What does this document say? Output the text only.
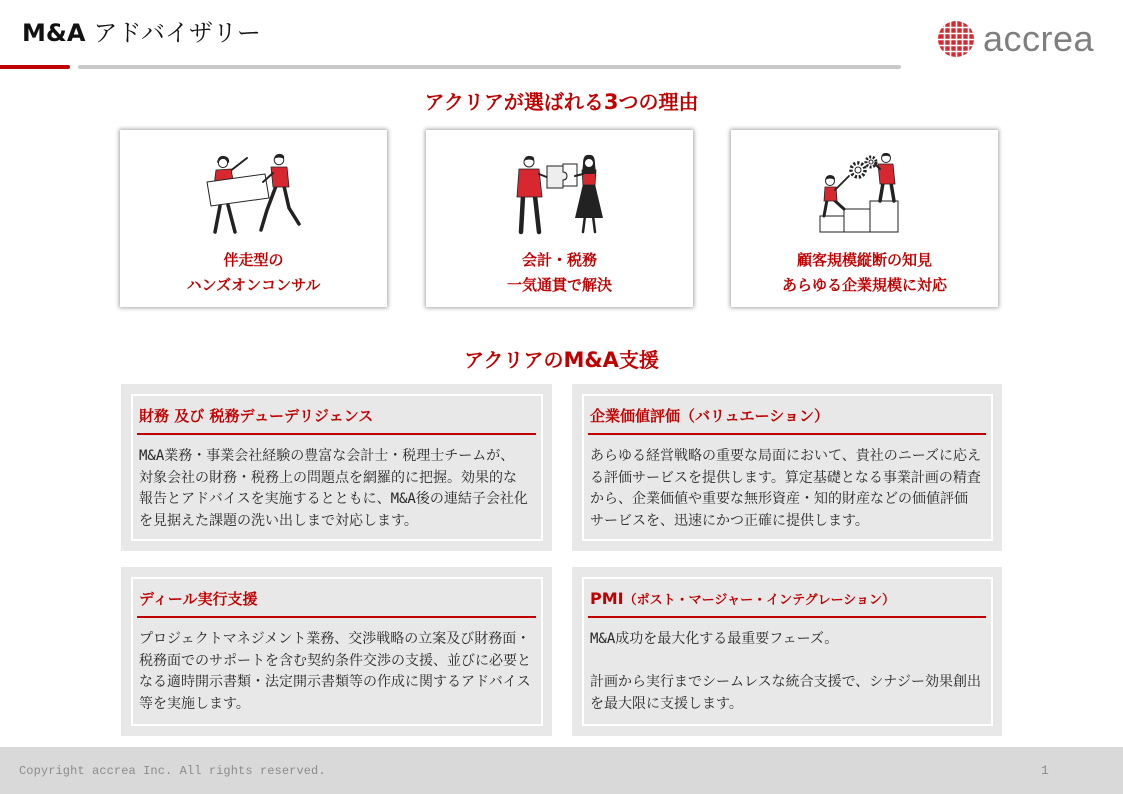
M&A アドバイザリー	accrea
アクリアが選ばれる3つの理由
伴走型の
ハンズオンコンサル
会計・税務
一気通貫で解決
顧客規模縦断の知見
あらゆる企業規模に対応
アクリアのM&A支援
財務 及び 税務デューデリジェンス
M&A業務・事業会社経験の豊富な会計士・税理士チームが、
対象会社の財務・税務上の問題点を網羅的に把握。効果的な
報告とアドバイスを実施するとともに、M&A後の連結子会社化
を見据えた課題の洗い出しまで対応します。
企業価値評価（バリュエーション）
あらゆる経営戦略の重要な局面において、貴社のニーズに応え
る評価サービスを提供します。算定基礎となる事業計画の精査
から、企業価値や重要な無形資産・知的財産などの価値評価
サービスを、迅速にかつ正確に提供します。
ディール実行支援
プロジェクトマネジメント業務、交渉戦略の立案及び財務面・
税務面でのサポートを含む契約条件交渉の支援、並びに必要と
なる適時開示書類・法定開示書類等の作成に関するアドバイス
等を実施します。
PMI（ポスト・マージャー・インテグレーション）
M&A成功を最大化する最重要フェーズ。
計画から実行までシームレスな統合支援で、シナジー効果創出
を最大限に支援します。
Copyright accrea Inc. All rights reserved.	1
